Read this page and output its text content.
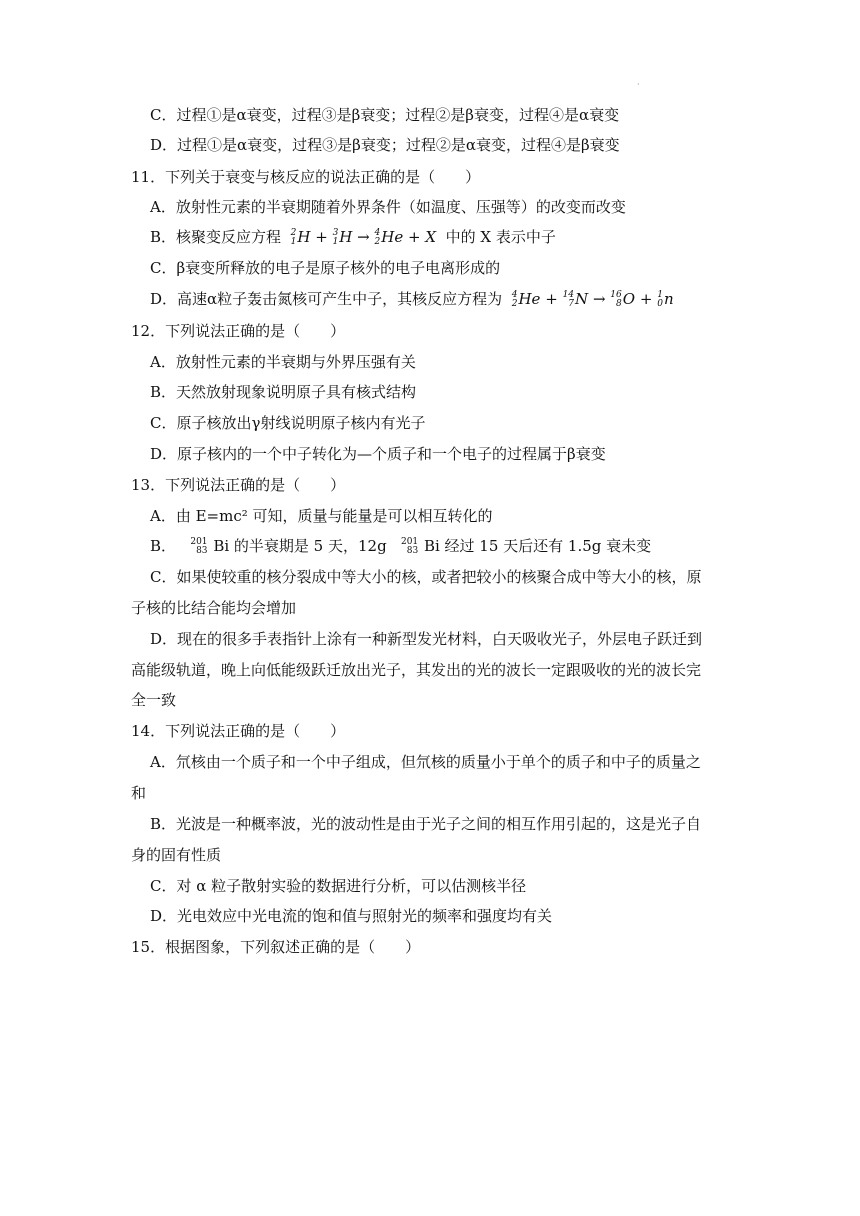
·
C．过程①是α衰变，过程③是β衰变；过程②是β衰变，过程④是α衰变
D．过程①是α衰变，过程③是β衰变；过程②是α衰变，过程④是β衰变
11．下列关于衰变与核反应的说法正确的是（　　）
A．放射性元素的半衰期随着外界条件（如温度、压强等）的改变而改变
B．核聚变反应方程 2
1 H + 3
1 H → 4
2 He + X 中的 X 表示中子
C．β衰变所释放的电子是原子核外的电子电离形成的
D．高速α粒子轰击氮核可产生中子，其核反应方程为 4
2 He + 14
7 N → 16
8 O + 1
0 n
12．下列说法正确的是（　　）
A．放射性元素的半衰期与外界压强有关
B．天然放射现象说明原子具有核式结构
C．原子核放出γ射线说明原子核内有光子
D．原子核内的一个中子转化为—个质子和一个电子的过程属于β衰变
13．下列说法正确的是（　　）
A．由 E=mc² 可知，质量与能量是可以相互转化的
B． 201
83 Bi 的半衰期是 5 天，12g 201
83 Bi 经过 15 天后还有 1.5g 衰未变
C．如果使较重的核分裂成中等大小的核，或者把较小的核聚合成中等大小的核，原
子核的比结合能均会增加
D．现在的很多手表指针上涂有一种新型发光材料，白天吸收光子，外层电子跃迁到
高能级轨道，晚上向低能级跃迁放出光子，其发出的光的波长一定跟吸收的光的波长完
全一致
14．下列说法正确的是（　　）
A．氘核由一个质子和一个中子组成，但氘核的质量小于单个的质子和中子的质量之
和
B．光波是一种概率波，光的波动性是由于光子之间的相互作用引起的，这是光子自
身的固有性质
C．对 α 粒子散射实验的数据进行分析，可以估测核半径
D．光电效应中光电流的饱和值与照射光的频率和强度均有关
15．根据图象，下列叙述正确的是（　　）
